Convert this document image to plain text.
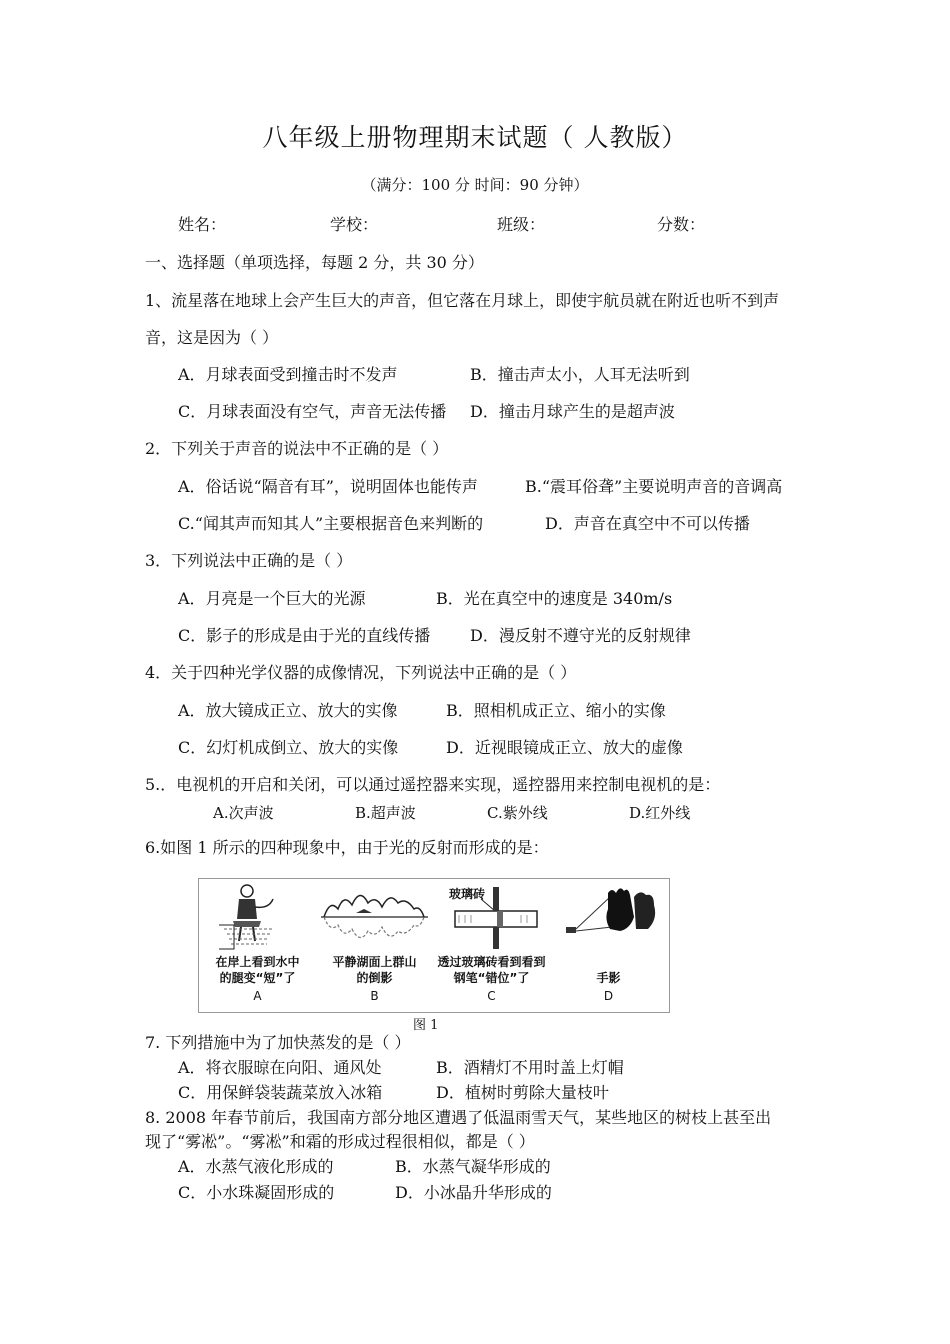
八年级上册物理期末试题（ 人教版）
（满分：100 分 时间：90 分钟）
姓名：	学校：	班级：	分数：
一、选择题（单项选择，每题 2 分，共 30 分）
1、流星落在地球上会产生巨大的声音，但它落在月球上，即使宇航员就在附近也听不到声
音，这是因为（ ）
A．月球表面受到撞击时不发声	B．撞击声太小，人耳无法听到
C．月球表面没有空气，声音无法传播 D．撞击月球产生的是超声波
2．下列关于声音的说法中不正确的是（ ）
A．俗话说“隔音有耳”，说明固体也能传声	B.“震耳俗聋”主要说明声音的音调高
C.“闻其声而知其人”主要根据音色来判断的	D．声音在真空中不可以传播
3．下列说法中正确的是（ ）
A．月亮是一个巨大的光源	B．光在真空中的速度是 340m/s
C．影子的形成是由于光的直线传播 D．漫反射不遵守光的反射规律
4．关于四种光学仪器的成像情况，下列说法中正确的是（ ）
A．放大镜成正立、放大的实像	B．照相机成正立、缩小的实像
C．幻灯机成倒立、放大的实像	D．近视眼镜成正立、放大的虚像
5.．电视机的开启和关闭，可以通过遥控器来实现，遥控器用来控制电视机的是：
A.次声波	B.超声波	C.紫外线	D.红外线
6.如图 1 所示的四种现象中，由于光的反射而形成的是：
在岸上看到水中
的腿变“短”了
A
平静湖面上群山
的倒影
B
玻璃砖
透过玻璃砖看到看到
钢笔“错位”了
C
手影
D
图 1
7. 下列措施中为了加快蒸发的是（ ）
A．将衣服晾在向阳、通风处	B．酒精灯不用时盖上灯帽
C．用保鲜袋装蔬菜放入冰箱	D．植树时剪除大量枝叶
8. 2008 年春节前后，我国南方部分地区遭遇了低温雨雪天气，某些地区的树枝上甚至出
现了“雾凇”。“雾凇”和霜的形成过程很相似，都是（ ）
A．水蒸气液化形成的	B．水蒸气凝华形成的
C．小水珠凝固形成的	D．小冰晶升华形成的
